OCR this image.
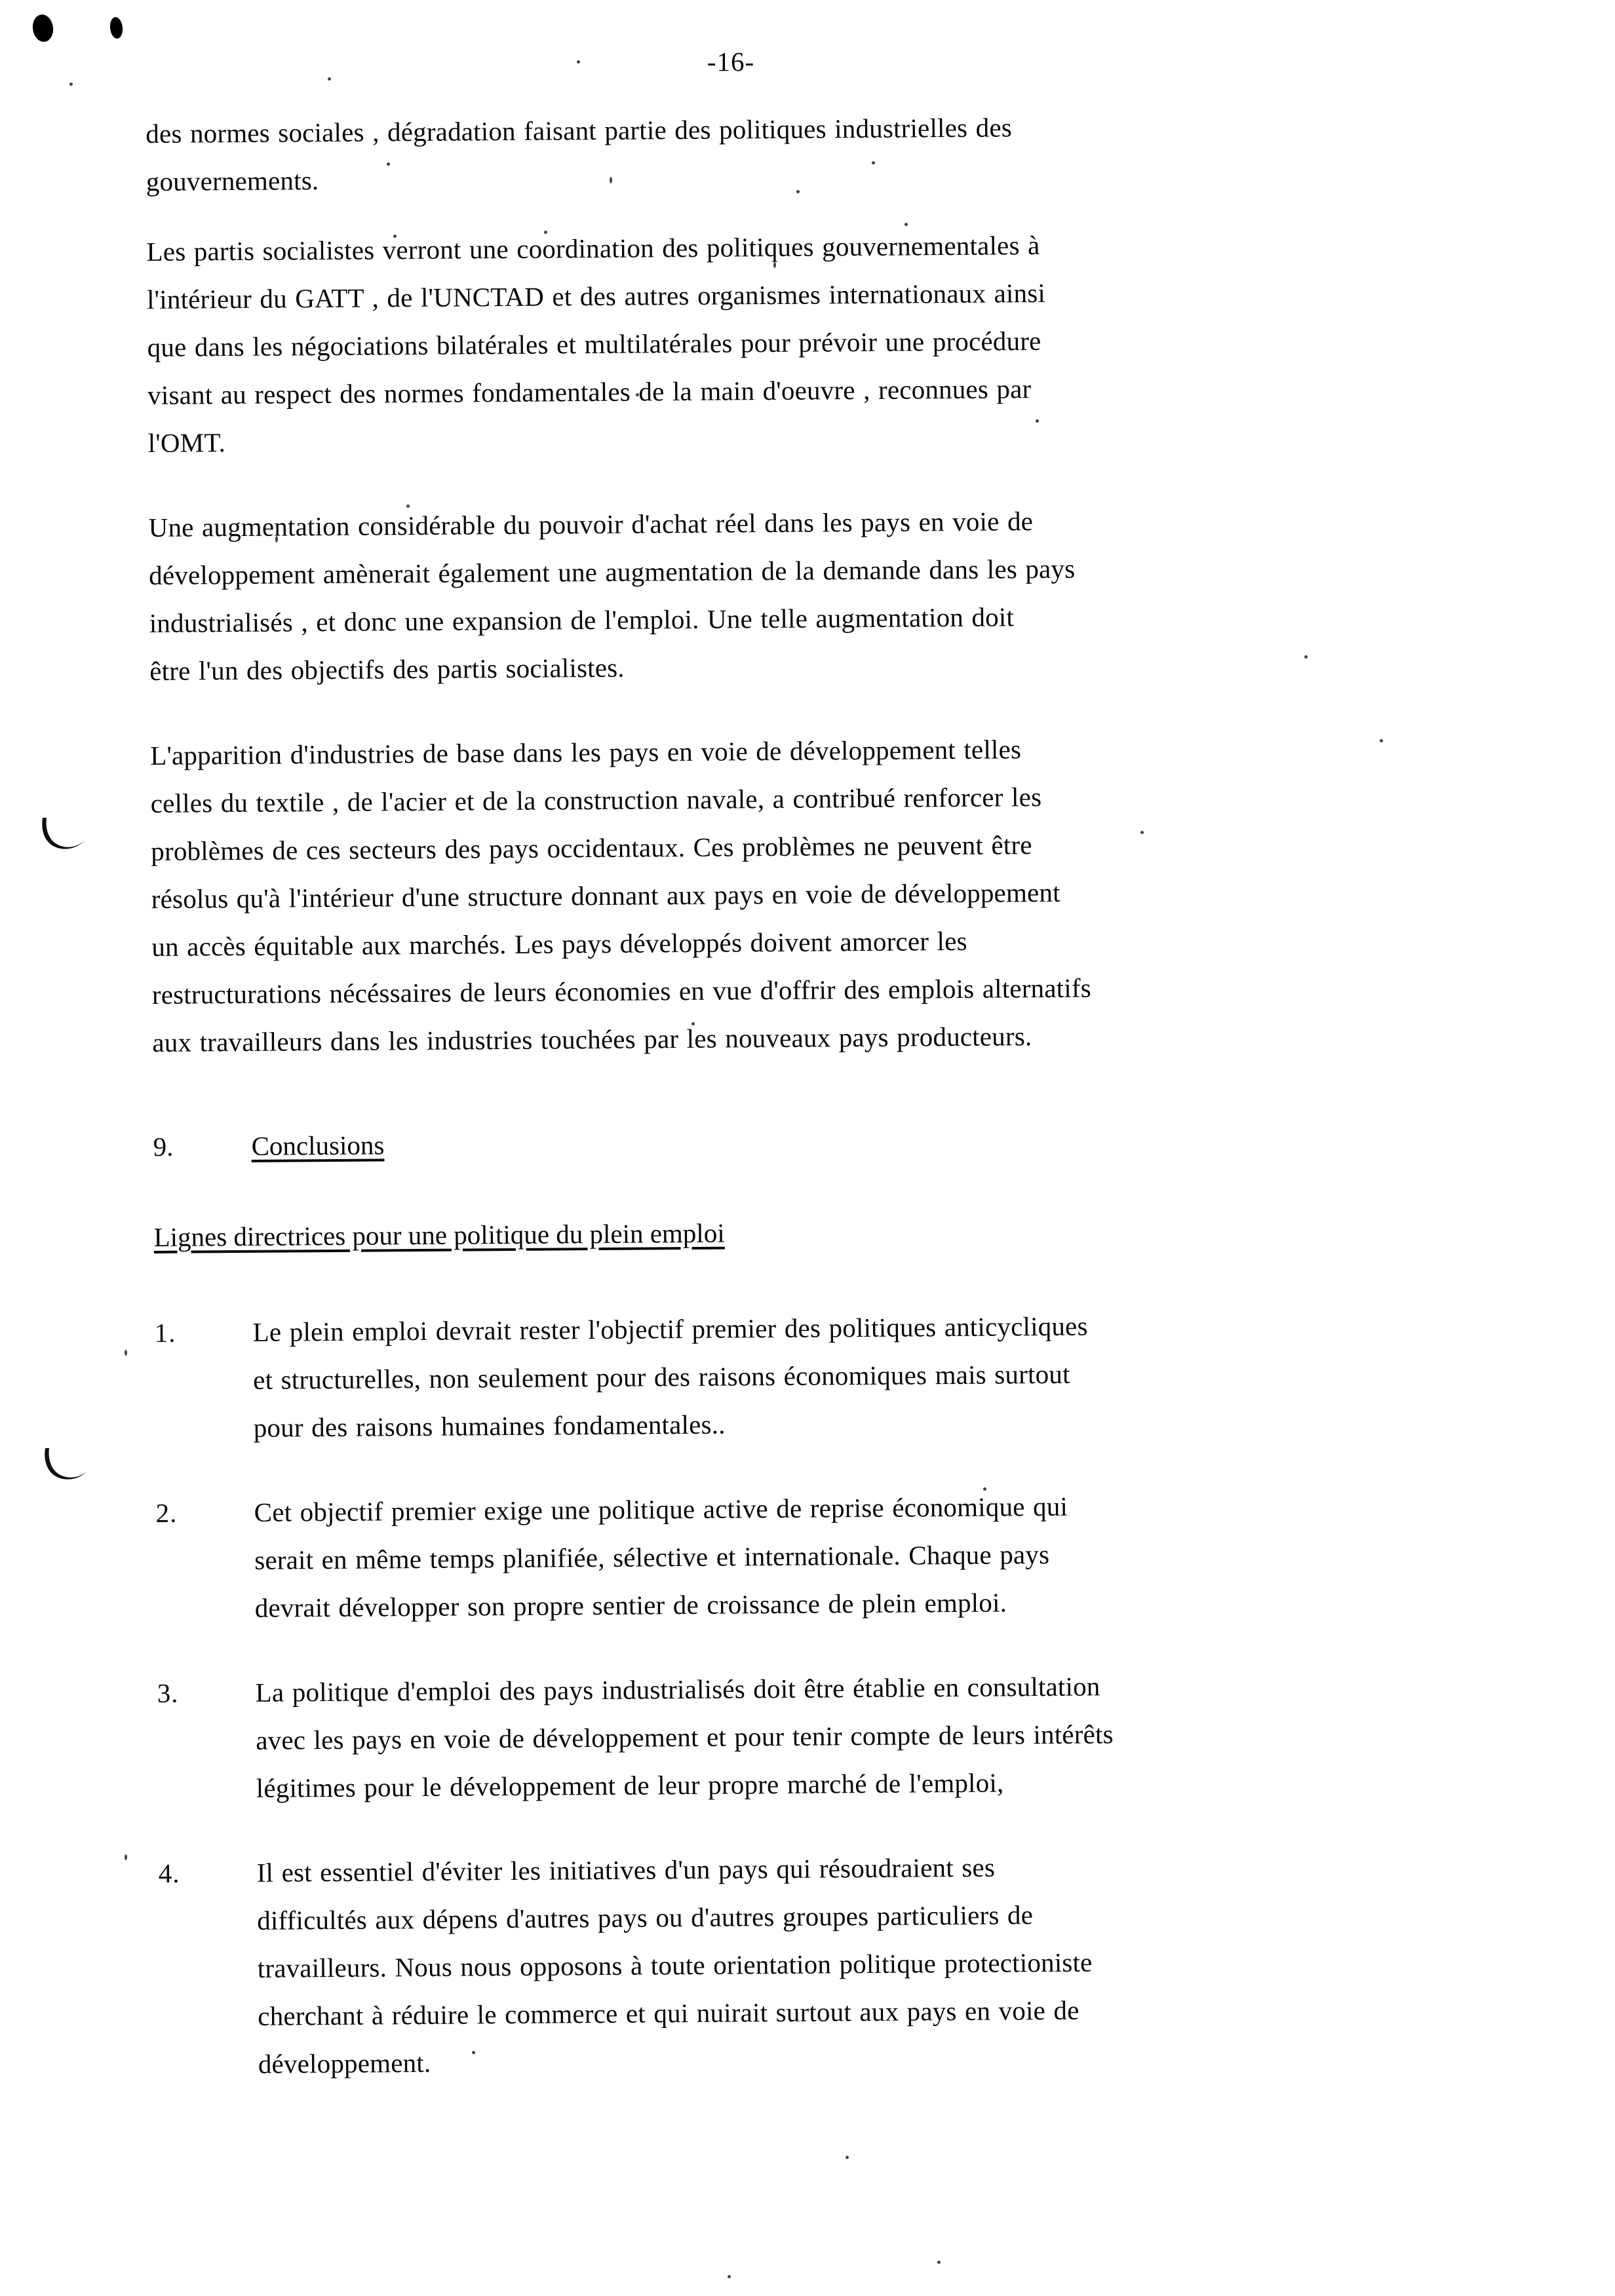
-16-

des normes sociales , dégradation faisant partie des politiques industrielles des
gouvernements.

Les partis socialistes verront une coordination des politiques gouvernementales à
l'intérieur du GATT , de l'UNCTAD et des autres organismes internationaux ainsi
que dans les négociations bilatérales et multilatérales pour prévoir une procédure
visant au respect des normes fondamentales de la main d'oeuvre , reconnues par
l'OMT.

Une augmentation considérable du pouvoir d'achat réel dans les pays en voie de
développement amènerait également une augmentation de la demande dans les pays
industrialisés , et donc une expansion de l'emploi. Une telle augmentation doit
être l'un des objectifs des partis socialistes.

L'apparition d'industries de base dans les pays en voie de développement telles
celles du textile , de l'acier et de la construction navale, a contribué renforcer les
problèmes de ces secteurs des pays occidentaux. Ces problèmes ne peuvent être
résolus qu'à l'intérieur d'une structure donnant aux pays en voie de développement
un accès équitable aux marchés. Les pays développés doivent amorcer les
restructurations nécéssaires de leurs économies en vue d'offrir des emplois alternatifs
aux travailleurs dans les industries touchées par les nouveaux pays producteurs.

9.	Conclusions
Lignes directrices pour une politique du plein emploi
1.	Le plein emploi devrait rester l'objectif premier des politiques anticycliques
et structurelles, non seulement pour des raisons économiques mais surtout
pour des raisons humaines fondamentales..
2.	Cet objectif premier exige une politique active de reprise économique qui
serait en même temps planifiée, sélective et internationale. Chaque pays
devrait développer son propre sentier de croissance de plein emploi.
3.	La politique d'emploi des pays industrialisés doit être établie en consultation
avec les pays en voie de développement et pour tenir compte de leurs intérêts
légitimes pour le développement de leur propre marché de l'emploi,
4.	Il est essentiel d'éviter les initiatives d'un pays qui résoudraient ses
difficultés aux dépens d'autres pays ou d'autres groupes particuliers de
travailleurs. Nous nous opposons à toute orientation politique protectioniste
cherchant à réduire le commerce et qui nuirait surtout aux pays en voie de
développement.
